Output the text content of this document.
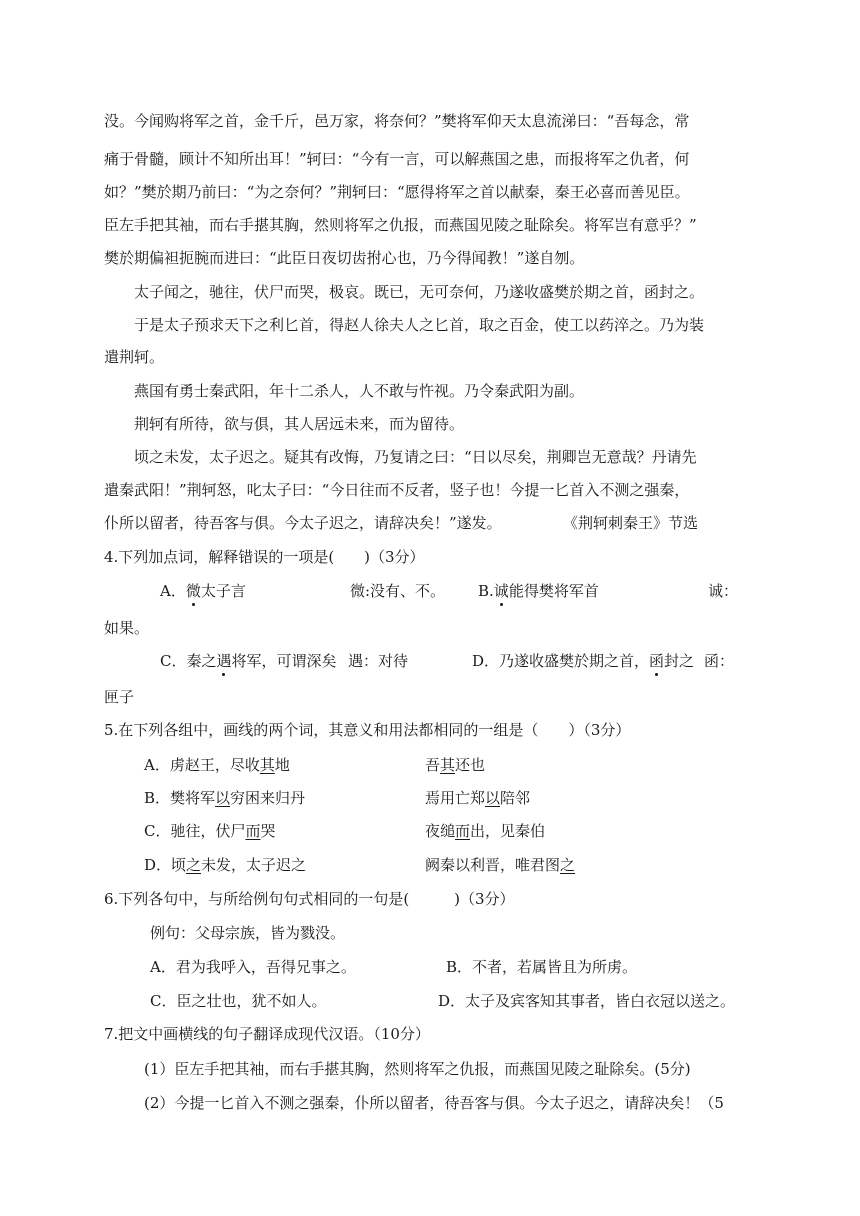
没。今闻购将军之首，金千斤，邑万家，将奈何？”樊将军仰天太息流涕曰：“吾每念，常
痛于骨髓，顾计不知所出耳！”轲曰：“今有一言，可以解燕国之患，而报将军之仇者，何
如？”樊於期乃前曰：“为之奈何？”荆轲曰：“愿得将军之首以献秦，秦王必喜而善见臣。
臣左手把其袖，而右手揕其胸，然则将军之仇报，而燕国见陵之耻除矣。将军岂有意乎？”
樊於期偏袒扼腕而进曰：“此臣日夜切齿拊心也，乃今得闻教！”遂自刎。
太子闻之，驰往，伏尸而哭，极哀。既已，无可奈何，乃遂收盛樊於期之首，函封之。
于是太子预求天下之利匕首，得赵人徐夫人之匕首，取之百金，使工以药淬之。乃为装
遣荆轲。
燕国有勇士秦武阳，年十二杀人，人不敢与忤视。乃令秦武阳为副。
荆轲有所待，欲与俱，其人居远未来，而为留待。
顷之未发，太子迟之。疑其有改悔，乃复请之曰：“日以尽矣，荆卿岂无意哉？丹请先
遣秦武阳！”荆轲怒，叱太子曰：“今日往而不反者，竖子也！今提一匕首入不测之强秦，
仆所以留者，待吾客与俱。今太子迟之，请辞决矣！”遂发。	《荆轲刺秦王》节选
4.下列加点词，解释错误的一项是(　　)（3分）
A．微太子言	微:没有、不。 B.诚能得樊将军首	诚：
如果。
C．秦之遇将军，可谓深矣 遇：对待	D．乃遂收盛樊於期之首，函封之 函：
匣子
5.在下列各组中，画线的两个词，其意义和用法都相同的一组是（　　）（3分）
A．虏赵王，尽收其地	吾其还也
B．樊将军以穷困来归丹	焉用亡郑以陪邻
C．驰往，伏尸而哭	夜缒而出，见秦伯
D．顷之未发，太子迟之	阙秦以利晋，唯君图之
6.下列各句中，与所给例句句式相同的一句是(　　　)（3分）
例句：父母宗族，皆为戮没。
A．君为我呼入，吾得兄事之。	B．不者，若属皆且为所虏。
C．臣之壮也，犹不如人。	D．太子及宾客知其事者，皆白衣冠以送之。
7.把文中画横线的句子翻译成现代汉语。（10分）
(1）臣左手把其袖，而右手揕其胸，然则将军之仇报，而燕国见陵之耻除矣。(5分)
(2）今提一匕首入不测之强秦，仆所以留者，待吾客与俱。今太子迟之，请辞决矣！（5
